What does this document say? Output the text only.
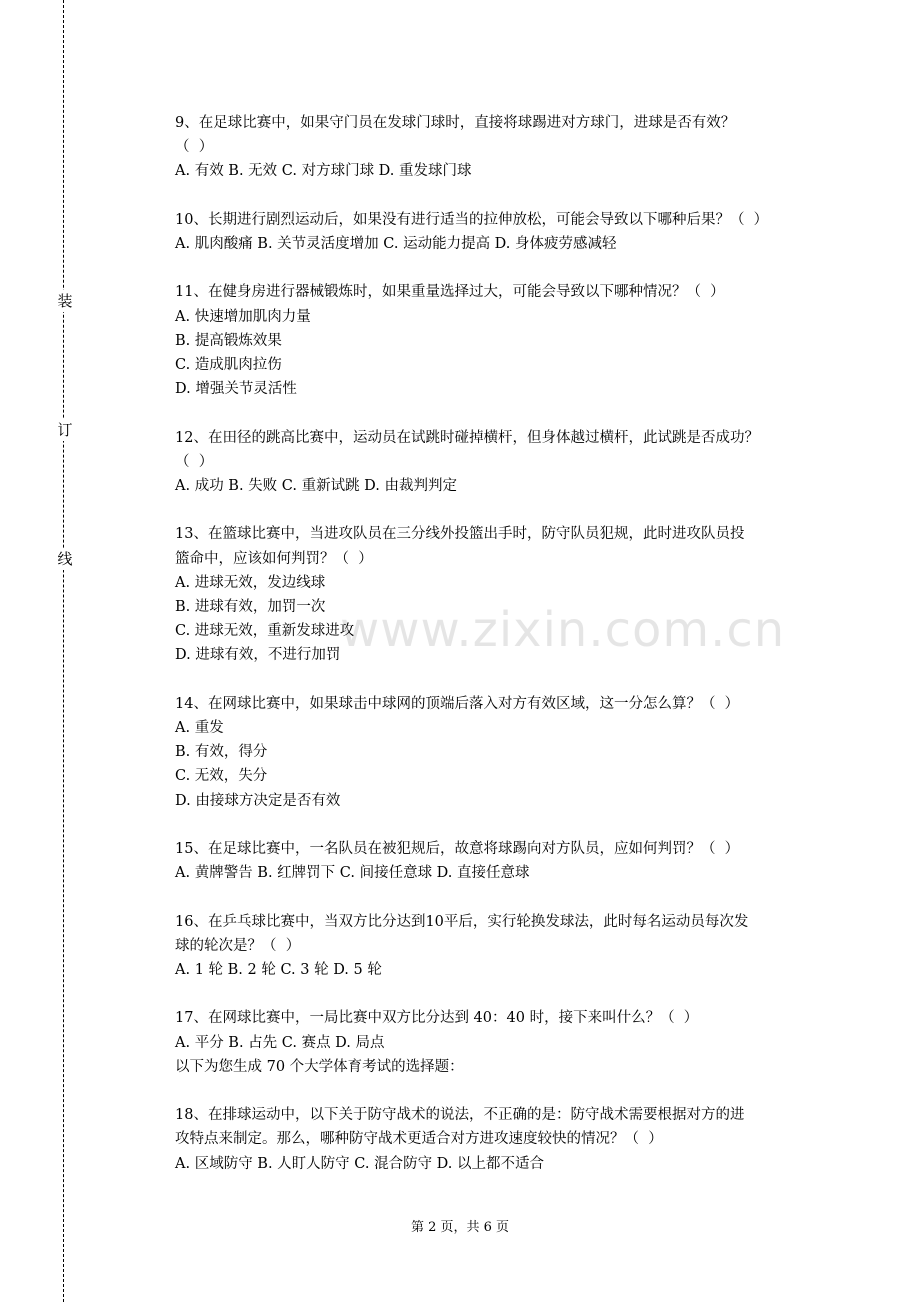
装
订
线
www.zixin.com.cn
9、在足球比赛中，如果守门员在发球门球时，直接将球踢进对方球门，进球是否有效？
（  ）
A. 有效 B. 无效 C. 对方球门球 D. 重发球门球
10、长期进行剧烈运动后，如果没有进行适当的拉伸放松，可能会导致以下哪种后果？（  ）
A. 肌肉酸痛 B. 关节灵活度增加 C. 运动能力提高 D. 身体疲劳感减轻
11、在健身房进行器械锻炼时，如果重量选择过大，可能会导致以下哪种情况？（  ）
A. 快速增加肌肉力量
B. 提高锻炼效果
C. 造成肌肉拉伤
D. 增强关节灵活性
12、在田径的跳高比赛中，运动员在试跳时碰掉横杆，但身体越过横杆，此试跳是否成功？
（  ）
A. 成功 B. 失败 C. 重新试跳 D. 由裁判判定
13、在篮球比赛中，当进攻队员在三分线外投篮出手时，防守队员犯规，此时进攻队员投
篮命中，应该如何判罚？（  ）
A. 进球无效，发边线球
B. 进球有效，加罚一次
C. 进球无效，重新发球进攻
D. 进球有效，不进行加罚
14、在网球比赛中，如果球击中球网的顶端后落入对方有效区域，这一分怎么算？（  ）
A. 重发
B. 有效，得分
C. 无效，失分
D. 由接球方决定是否有效
15、在足球比赛中，一名队员在被犯规后，故意将球踢向对方队员，应如何判罚？（  ）
A. 黄牌警告 B. 红牌罚下 C. 间接任意球 D. 直接任意球
16、在乒乓球比赛中，当双方比分达到10平后，实行轮换发球法，此时每名运动员每次发
球的轮次是？（  ）
A. 1 轮 B. 2 轮 C. 3 轮 D. 5 轮
17、在网球比赛中，一局比赛中双方比分达到 40：40 时，接下来叫什么？（  ）
A. 平分 B. 占先 C. 赛点 D. 局点
以下为您生成 70 个大学体育考试的选择题：
18、在排球运动中，以下关于防守战术的说法，不正确的是：防守战术需要根据对方的进
攻特点来制定。那么，哪种防守战术更适合对方进攻速度较快的情况？（  ）
A. 区域防守 B. 人盯人防守 C. 混合防守 D. 以上都不适合
第 2 页，共 6 页
